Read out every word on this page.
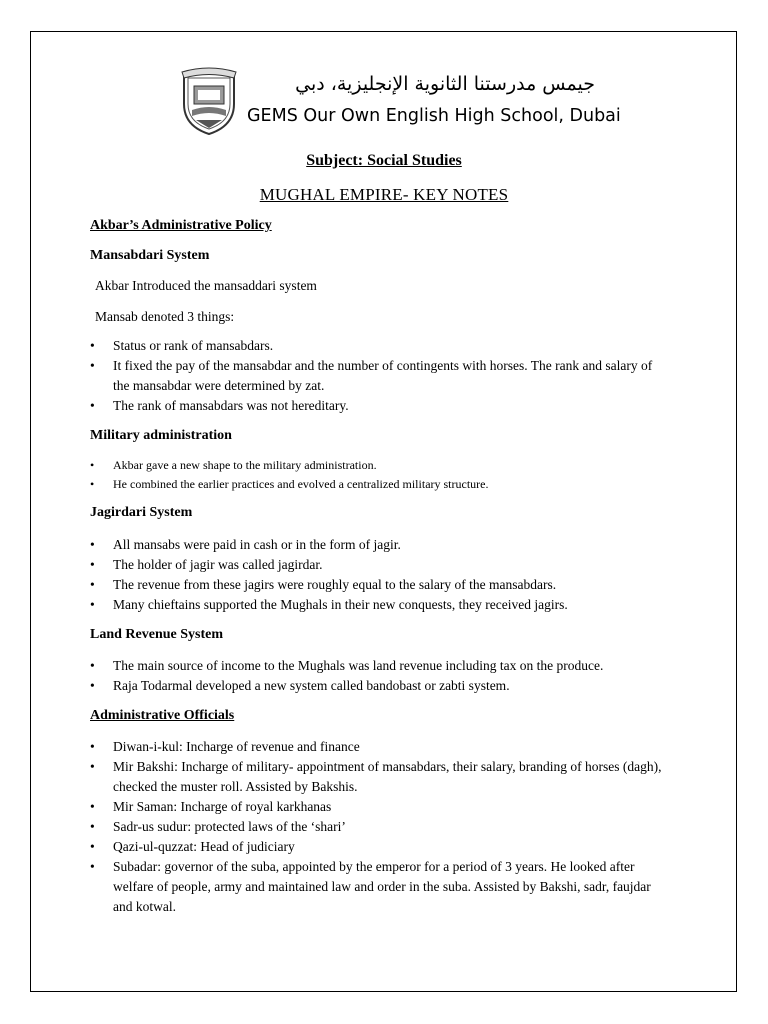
جيمس مدرستنا الثانوية الإنجليزية، دبي
GEMS Our Own English High School, Dubai
Subject: Social Studies
MUGHAL EMPIRE- KEY NOTES
Akbar’s Administrative Policy
Mansabdari System
Akbar Introduced the mansaddari system
Mansab denoted 3 things:
• Status or rank of mansabdars.
• It fixed the pay of the mansabdar and the number of contingents with horses. The rank and salary of the mansabdar were determined by zat.
• The rank of mansabdars was not hereditary.
Military administration
• Akbar gave a new shape to the military administration.
• He combined the earlier practices and evolved a centralized military structure.
Jagirdari System
• All mansabs were paid in cash or in the form of jagir.
• The holder of jagir was called jagirdar.
• The revenue from these jagirs were roughly equal to the salary of the mansabdars.
• Many chieftains supported the Mughals in their new conquests, they received jagirs.
Land Revenue System
• The main source of income to the Mughals was land revenue including tax on the produce.
• Raja Todarmal developed a new system called bandobast or zabti system.
Administrative Officials
• Diwan-i-kul: Incharge of revenue and finance
• Mir Bakshi: Incharge of military- appointment of mansabdars, their salary, branding of horses (dagh), checked the muster roll. Assisted by Bakshis.
• Mir Saman: Incharge of royal karkhanas
• Sadr-us sudur: protected laws of the ‘shari’
• Qazi-ul-quzzat: Head of judiciary
• Subadar: governor of the suba, appointed by the emperor for a period of 3 years. He looked after welfare of people, army and maintained law and order in the suba. Assisted by Bakshi, sadr, faujdar and kotwal.
